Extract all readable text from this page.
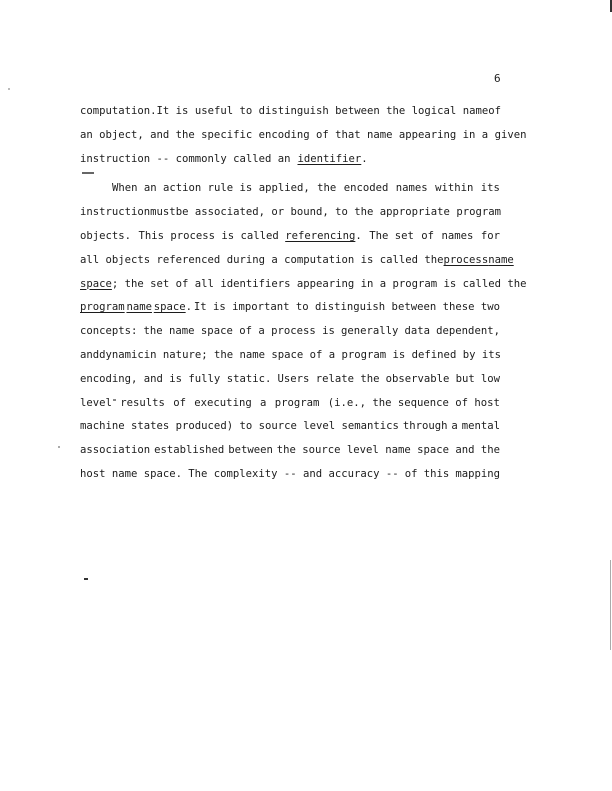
6
computation. It is useful to distinguish between the logical name of
an object, and the specific encoding of that name appearing in a given
instruction -- commonly called an identifier .
When an action rule is applied, the encoded names within its
instruction must be associated, or bound, to the appropriate program
objects. This process is called referencing. The set of names for
all objects referenced during a computation is called the process name
space; the set of all identifiers appearing in a program is called the
program name space. It is important to distinguish between these two
concepts: the name space of a process is generally data dependent,
and dynamic in nature; the name space of a program is defined by its
encoding, and is fully static. Users relate the observable but low
level results of executing a program (i.e., the sequence of host
machine states produced) to source level semantics through a mental
association established between the source level name space and the
host name space. The complexity -- and accuracy -- of this mapping
